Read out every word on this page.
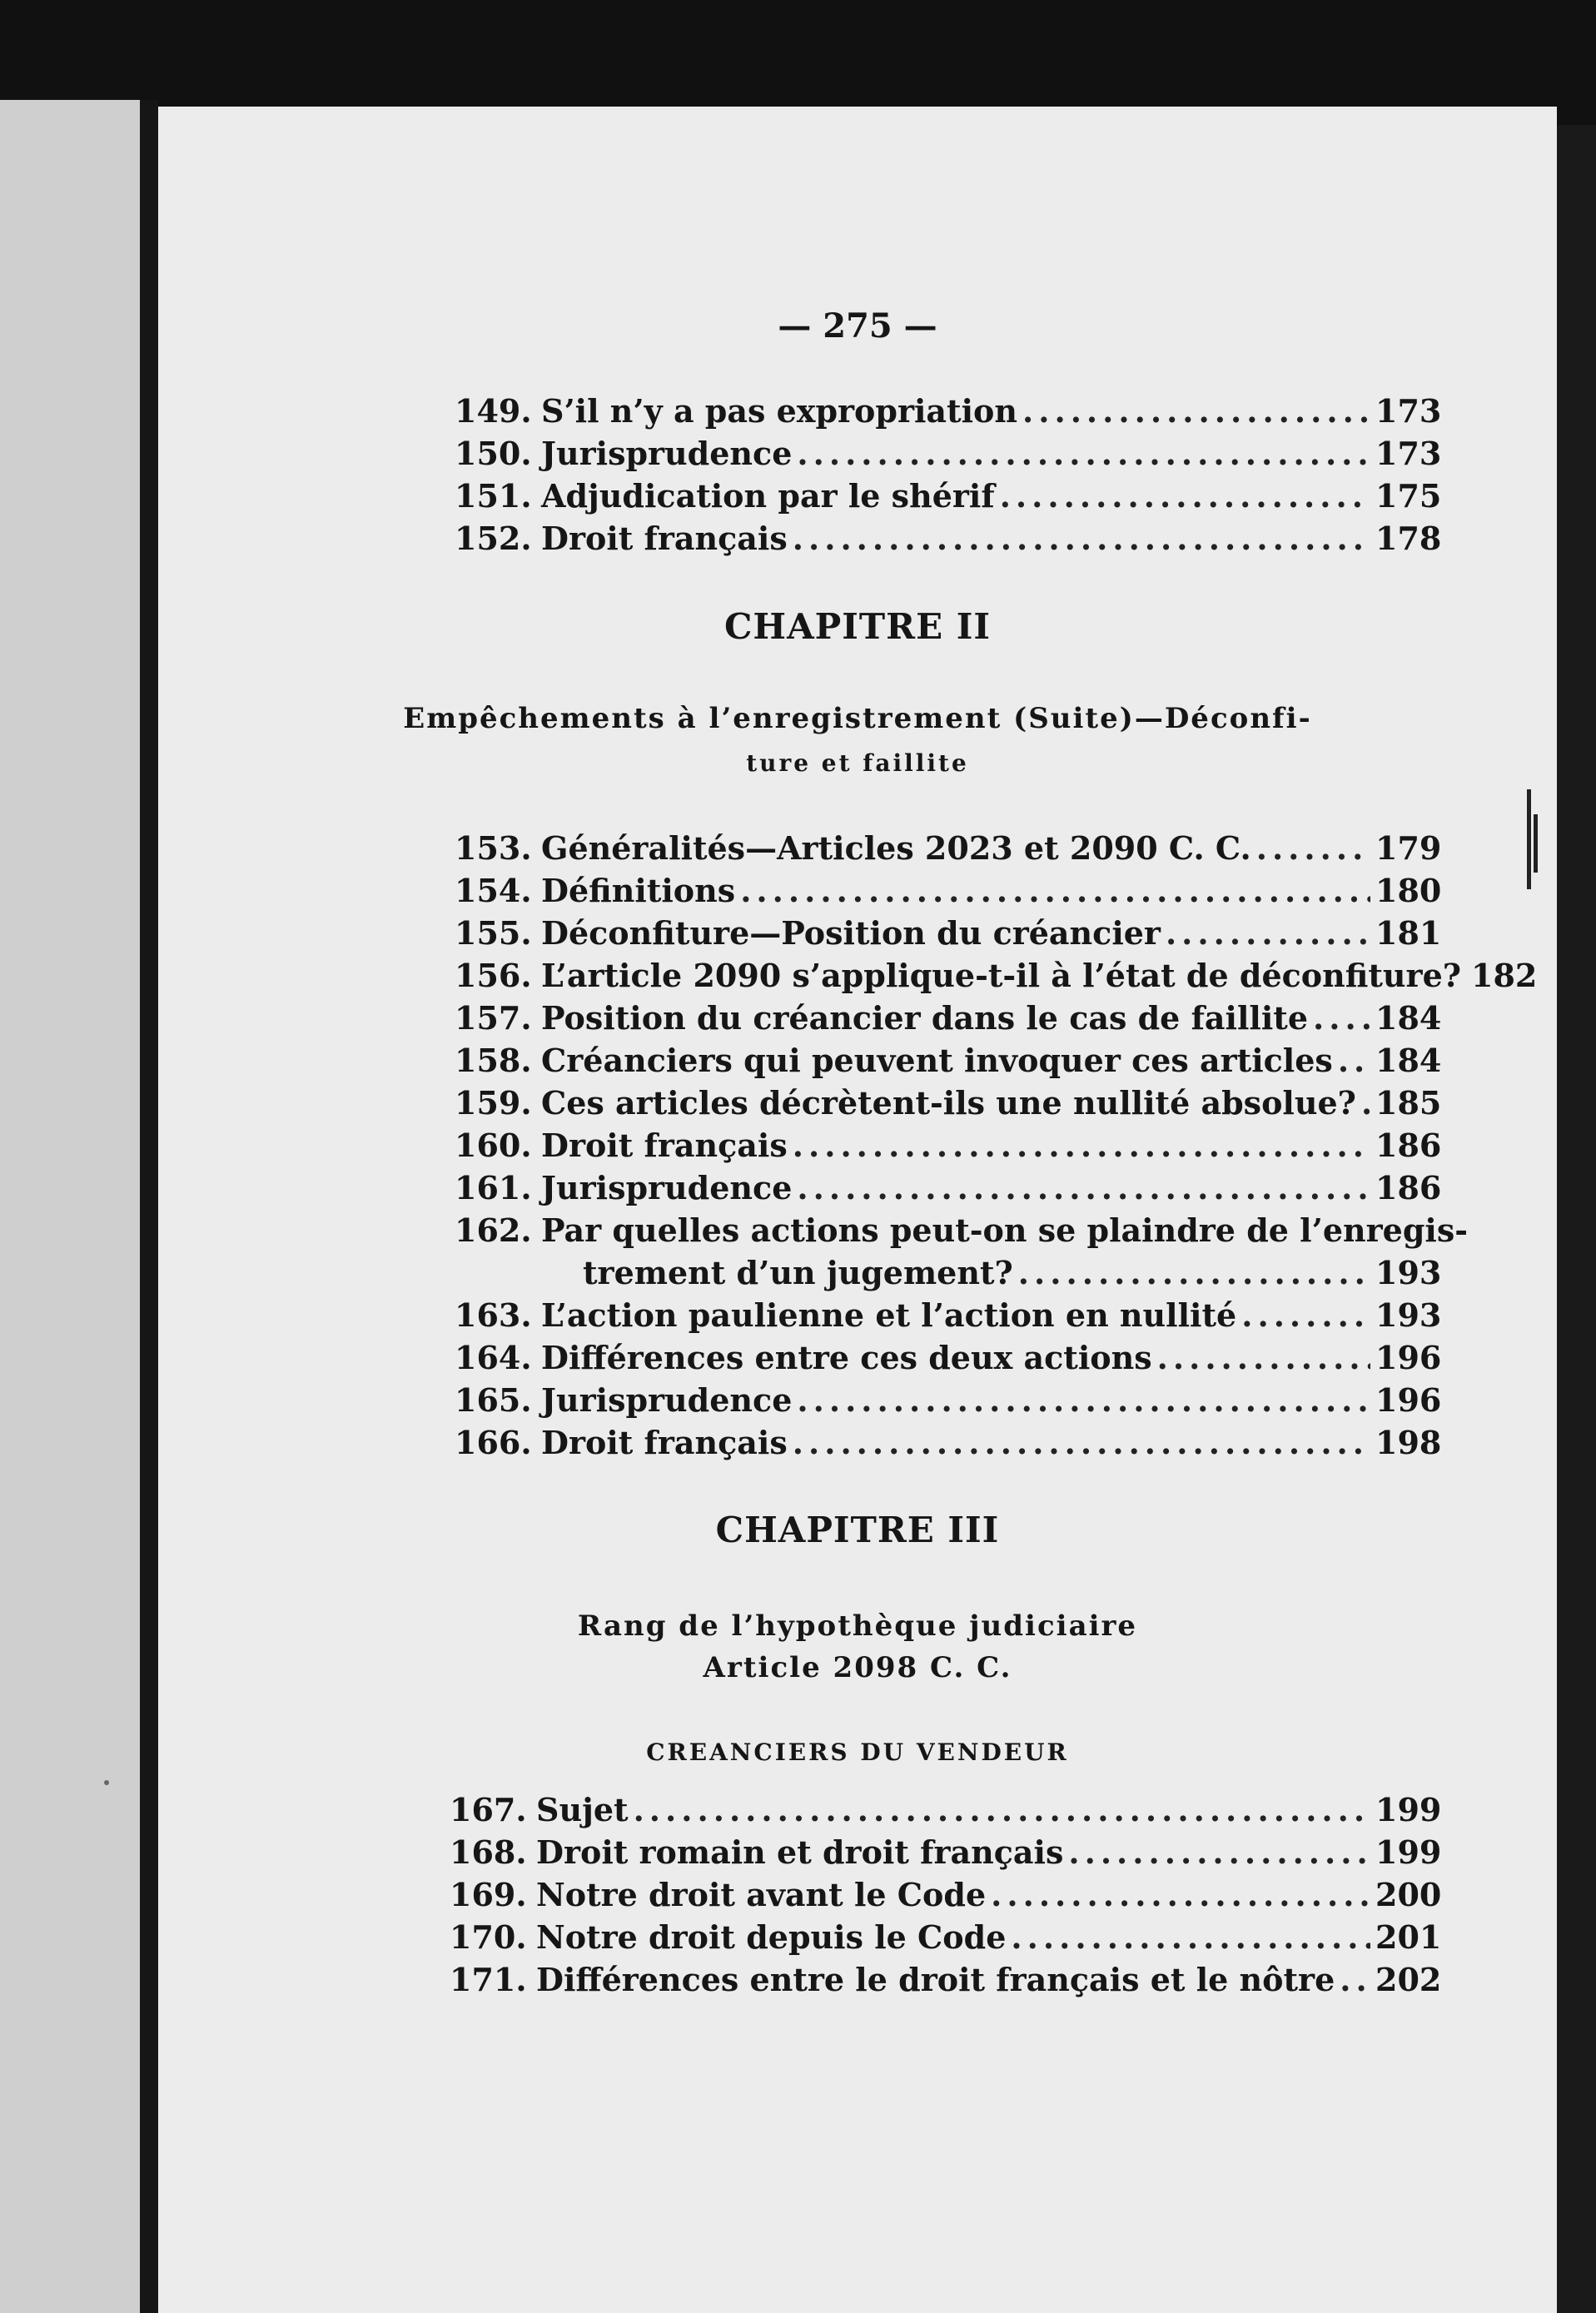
— 275 —
149. S’il n’y a pas expropriation .....	173
150. Jurisprudence .....	173
151. Adjudication par le shérif .....	175
152. Droit français .....	178
CHAPITRE II
Empêchements à l’enregistrement (Suite)—Déconfi-
ture et faillite
153. Généralités—Articles 2023 et 2090 C. C. .....	179
154. Définitions .....	180
155. Déconfiture—Position du créancier .....	181
156. L’article 2090 s’applique-t-il à l’état de déconfiture? 182
157. Position du créancier dans le cas de faillite ..... 184
158. Créanciers qui peuvent invoquer ces articles ..... 184
159. Ces articles décrètent-ils une nullité absolue? ..... 185
160. Droit français .....	186
161. Jurisprudence .....	186
162. Par quelles actions peut-on se plaindre de l’enregis-
trement d’un jugement? .....	193
163. L’action paulienne et l’action en nullité .....	193
164. Différences entre ces deux actions .....	196
165. Jurisprudence .....	196
166. Droit français .....	198
CHAPITRE III
Rang de l’hypothèque judiciaire
Article 2098 C. C.
CREANCIERS DU VENDEUR
167. Sujet .....	199
168. Droit romain et droit français .....	199
169. Notre droit avant le Code .....	200
170. Notre droit depuis le Code .....	201
171. Différences entre le droit français et le nôtre ..... 202
